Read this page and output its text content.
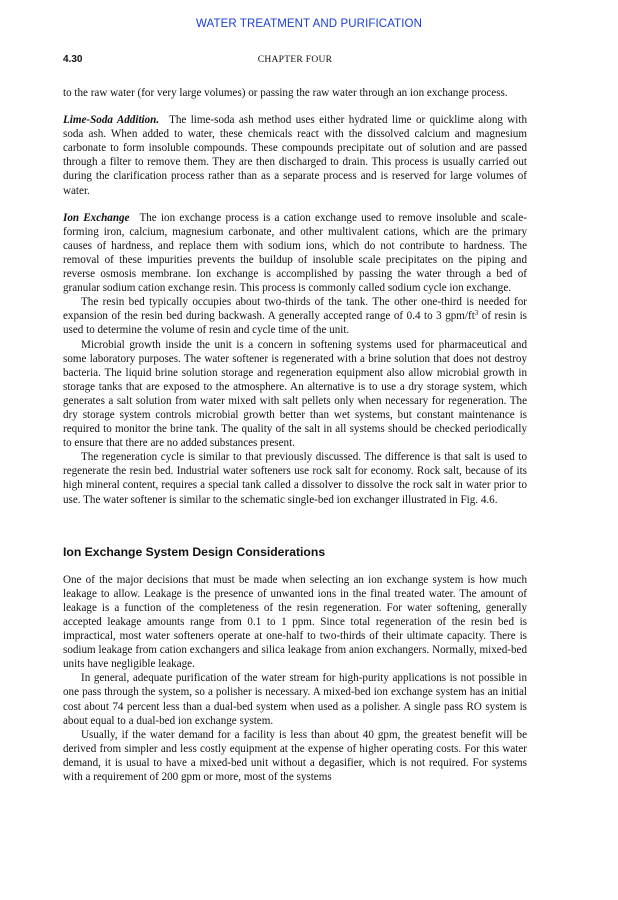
WATER TREATMENT AND PURIFICATION
4.30	CHAPTER FOUR

to the raw water (for very large volumes) or passing the raw water through an ion exchange process.

Lime-Soda Addition. The lime-soda ash method uses either hydrated lime or quicklime along with soda ash. When added to water, these chemicals react with the dissolved calcium and magnesium carbonate to form insoluble compounds. These compounds precipitate out of solution and are passed through a filter to remove them. They are then discharged to drain. This process is usually carried out during the clarification process rather than as a separate process and is reserved for large volumes of water.

Ion Exchange The ion exchange process is a cation exchange used to remove insoluble and scale-forming iron, calcium, magnesium carbonate, and other multivalent cations, which are the primary causes of hardness, and replace them with sodium ions, which do not contribute to hardness. The removal of these impurities prevents the buildup of insoluble scale precipitates on the piping and reverse osmosis membrane. Ion exchange is accomplished by passing the water through a bed of granular sodium cation exchange resin. This process is commonly called sodium cycle ion exchange.

The resin bed typically occupies about two-thirds of the tank. The other one-third is needed for expansion of the resin bed during backwash. A generally accepted range of 0.4 to 3 gpm/$ft^3$ of resin is used to determine the volume of resin and cycle time of the unit.

Microbial growth inside the unit is a concern in softening systems used for pharmaceutical and some laboratory purposes. The water softener is regenerated with a brine solution that does not destroy bacteria. The liquid brine solution storage and regeneration equipment also allow microbial growth in storage tanks that are exposed to the atmosphere. An alternative is to use a dry storage system, which generates a salt solution from water mixed with salt pellets only when necessary for regeneration. The dry storage system controls microbial growth better than wet systems, but constant maintenance is required to monitor the brine tank. The quality of the salt in all systems should be checked periodically to ensure that there are no added substances present.

The regeneration cycle is similar to that previously discussed. The difference is that salt is used to regenerate the resin bed. Industrial water softeners use rock salt for economy. Rock salt, because of its high mineral content, requires a special tank called a dissolver to dissolve the rock salt in water prior to use. The water softener is similar to the schematic single-bed ion exchanger illustrated in Fig. 4.6.

Ion Exchange System Design Considerations

One of the major decisions that must be made when selecting an ion exchange system is how much leakage to allow. Leakage is the presence of unwanted ions in the final treated water. The amount of leakage is a function of the completeness of the resin regeneration. For water softening, generally accepted leakage amounts range from 0.1 to 1 ppm. Since total regeneration of the resin bed is impractical, most water softeners operate at one-half to two-thirds of their ultimate capacity. There is sodium leakage from cation exchangers and silica leakage from anion exchangers. Normally, mixed-bed units have negligible leakage.

In general, adequate purification of the water stream for high-purity applications is not possible in one pass through the system, so a polisher is necessary. A mixed-bed ion exchange system has an initial cost about 74 percent less than a dual-bed system when used as a polisher. A single pass RO system is about equal to a dual-bed ion exchange system.

Usually, if the water demand for a facility is less than about 40 gpm, the greatest benefit will be derived from simpler and less costly equipment at the expense of higher operating costs. For this water demand, it is usual to have a mixed-bed unit without a degasifier, which is not required. For systems with a requirement of 200 gpm or more, most of the systems
